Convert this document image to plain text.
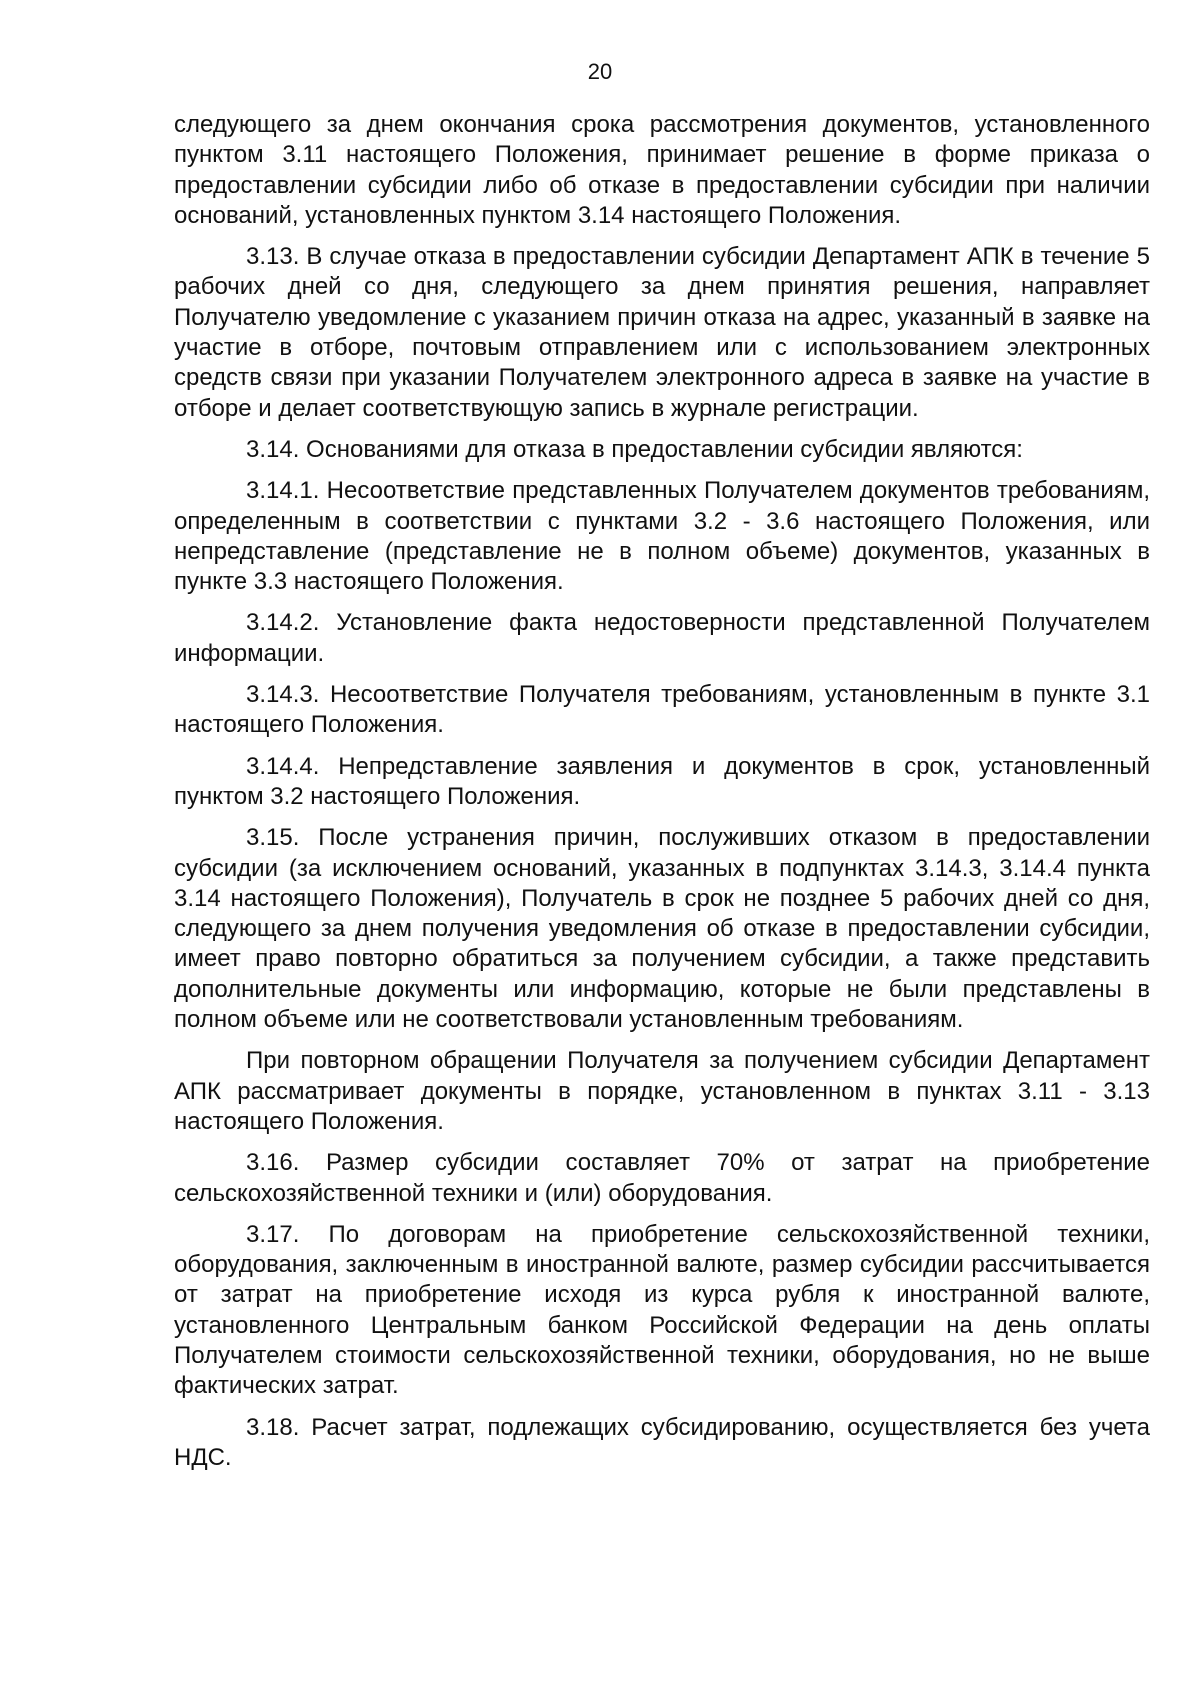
20

следующего за днем окончания срока рассмотрения документов, установленного пунктом 3.11 настоящего Положения, принимает решение в форме приказа о предоставлении субсидии либо об отказе в предоставлении субсидии при наличии оснований, установленных пунктом 3.14 настоящего Положения.

3.13. В случае отказа в предоставлении субсидии Департамент АПК в течение 5 рабочих дней со дня, следующего за днем принятия решения, направляет Получателю уведомление с указанием причин отказа на адрес, указанный в заявке на участие в отборе, почтовым отправлением или с использованием электронных средств связи при указании Получателем электронного адреса в заявке на участие в отборе и делает соответствующую запись в журнале регистрации.

3.14. Основаниями для отказа в предоставлении субсидии являются:

3.14.1. Несоответствие представленных Получателем документов требованиям, определенным в соответствии с пунктами 3.2 - 3.6 настоящего Положения, или непредставление (представление не в полном объеме) документов, указанных в пункте 3.3 настоящего Положения.

3.14.2. Установление факта недостоверности представленной Получателем информации.

3.14.3. Несоответствие Получателя требованиям, установленным в пункте 3.1 настоящего Положения.

3.14.4. Непредставление заявления и документов в срок, установленный пунктом 3.2 настоящего Положения.

3.15. После устранения причин, послуживших отказом в предоставлении субсидии (за исключением оснований, указанных в подпунктах 3.14.3, 3.14.4 пункта 3.14 настоящего Положения), Получатель в срок не позднее 5 рабочих дней со дня, следующего за днем получения уведомления об отказе в предоставлении субсидии, имеет право повторно обратиться за получением субсидии, а также представить дополнительные документы или информацию, которые не были представлены в полном объеме или не соответствовали установленным требованиям.

При повторном обращении Получателя за получением субсидии Департамент АПК рассматривает документы в порядке, установленном в пунктах 3.11 - 3.13 настоящего Положения.

3.16. Размер субсидии составляет 70% от затрат на приобретение сельскохозяйственной техники и (или) оборудования.

3.17. По договорам на приобретение сельскохозяйственной техники, оборудования, заключенным в иностранной валюте, размер субсидии рассчитывается от затрат на приобретение исходя из курса рубля к иностранной валюте, установленного Центральным банком Российской Федерации на день оплаты Получателем стоимости сельскохозяйственной техники, оборудования, но не выше фактических затрат.

3.18. Расчет затрат, подлежащих субсидированию, осуществляется без учета НДС.
